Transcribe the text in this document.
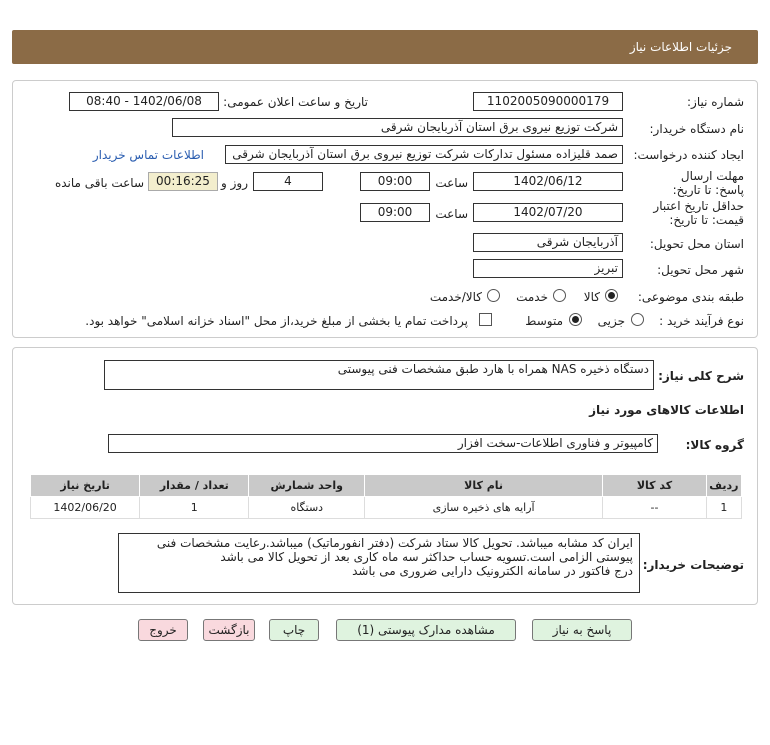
جزئیات اطلاعات نیاز
شماره نیاز:
1102005090000179
تاریخ و ساعت اعلان عمومی:
1402/06/08 - 08:40
نام دستگاه خریدار:
شرکت توزیع نیروی برق استان آذربایجان شرقی
ایجاد کننده درخواست:
صمد قلیزاده مسئول تدارکات شرکت توزیع نیروی برق استان آذربایجان شرقی
اطلاعات تماس خریدار
مهلت ارسال پاسخ: تا تاریخ:
1402/06/12
ساعت
09:00
4
روز و
00:16:25
ساعت باقی مانده
حداقل تاریخ اعتبار قیمت: تا تاریخ:
1402/07/20
ساعت
09:00
استان محل تحویل:
آذربایجان شرقی
شهر محل تحویل:
تبریز
طبقه بندی موضوعی:
کالا
خدمت
کالا/خدمت
نوع فرآیند خرید :
جزیی
متوسط
پرداخت تمام یا بخشی از مبلغ خرید،از محل "اسناد خزانه اسلامی" خواهد بود.
شرح کلی نیاز:
دستگاه ذخیره NAS همراه با هارد طبق مشخصات فنی پیوستی
اطلاعات کالاهای مورد نیاز
گروه کالا:
کامپیوتر و فناوری اطلاعات-سخت افزار
ردیف	کد کالا	نام کالا	واحد شمارش	تعداد / مقدار	تاریخ نیاز
1	--	آرایه های ذخیره سازی	دستگاه	1	1402/06/20
توضیحات خریدار:
ایران کد مشابه میباشد. تحویل کالا ستاد شرکت (دفتر انفورماتیک) میباشد.رعایت مشخصات فنی
پیوستی الزامی است.تسویه حساب حداکثر سه ماه کاری بعد از تحویل کالا می باشد
درج فاکتور در سامانه الکترونیک دارایی ضروری می باشد
پاسخ به نیاز
مشاهده مدارک پیوستی (1)
چاپ
بازگشت
خروج
